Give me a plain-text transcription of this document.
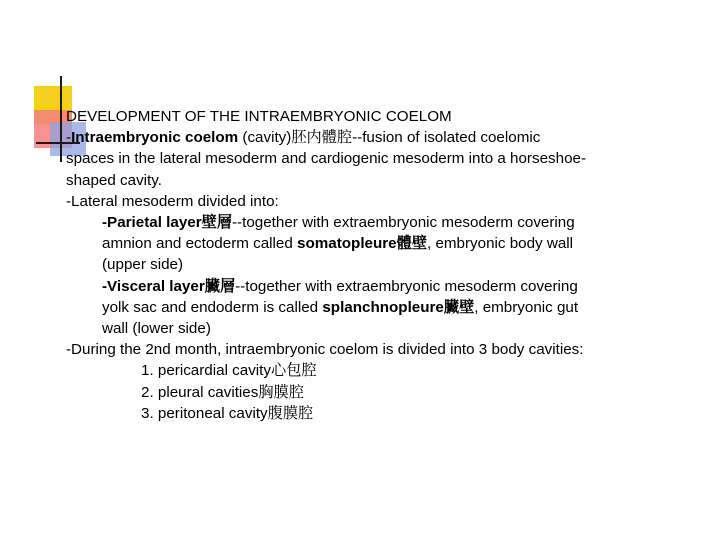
DEVELOPMENT OF THE INTRAEMBRYONIC COELOM
-Intraembryonic coelom (cavity)胚内體腔--fusion of isolated coelomic
spaces in the lateral mesoderm and cardiogenic mesoderm into a horseshoe-
shaped cavity.
-Lateral mesoderm divided into:
-Parietal layer壁層--together with extraembryonic mesoderm covering
amnion and ectoderm called somatopleure體壁, embryonic body wall
(upper side)
-Visceral layer臟層--together with extraembryonic mesoderm covering
yolk sac and endoderm is called splanchnopleure臟壁, embryonic gut
wall (lower side)
-During the 2nd month, intraembryonic coelom is divided into 3 body cavities:
1. pericardial cavity心包腔
2. pleural cavities胸膜腔
3. peritoneal cavity腹膜腔
